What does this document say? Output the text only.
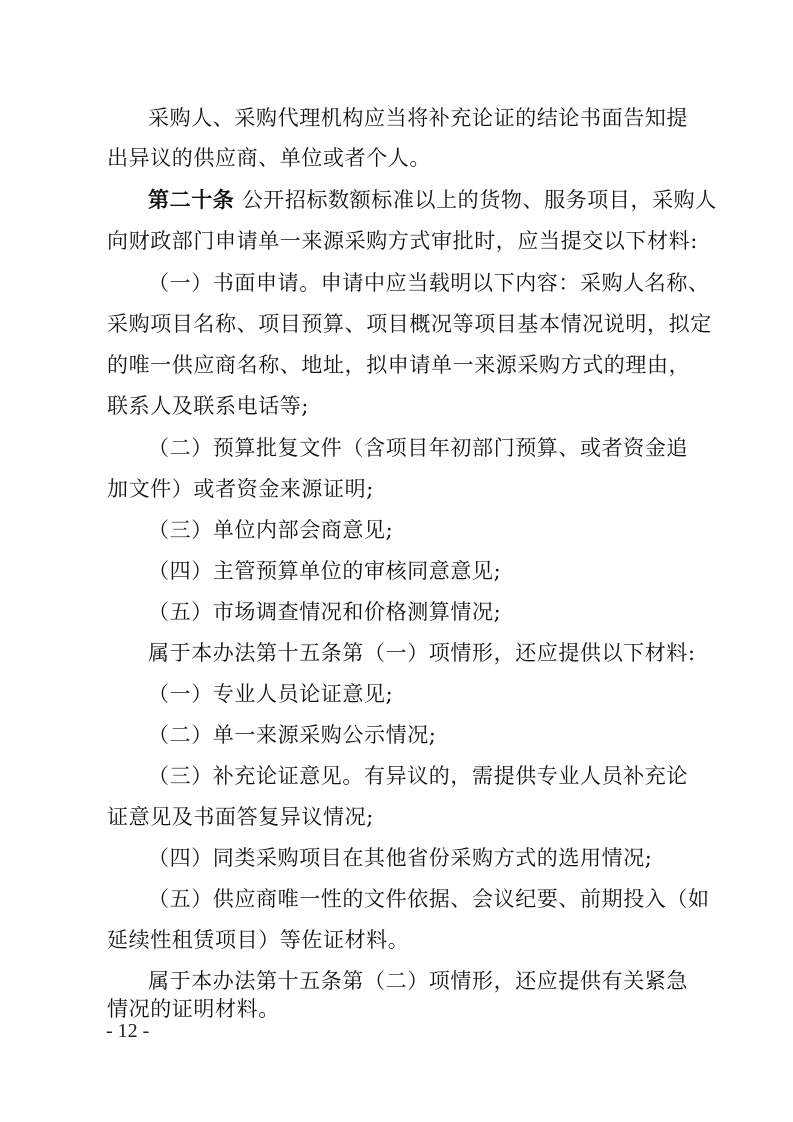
采购人、采购代理机构应当将补充论证的结论书面告知提
出异议的供应商、单位或者个人。
第二十条 公开招标数额标准以上的货物、服务项目，采购人
向财政部门申请单一来源采购方式审批时，应当提交以下材料:
（一）书面申请。申请中应当载明以下内容：采购人名称、
采购项目名称、项目预算、项目概况等项目基本情况说明，拟定
的唯一供应商名称、地址，拟申请单一来源采购方式的理由，
联系人及联系电话等;
（二）预算批复文件（含项目年初部门预算、或者资金追
加文件）或者资金来源证明;
（三）单位内部会商意见;
（四）主管预算单位的审核同意意见;
（五）市场调查情况和价格测算情况;
属于本办法第十五条第（一）项情形，还应提供以下材料:
（一）专业人员论证意见;
（二）单一来源采购公示情况;
（三）补充论证意见。有异议的，需提供专业人员补充论
证意见及书面答复异议情况;
（四）同类采购项目在其他省份采购方式的选用情况;
（五）供应商唯一性的文件依据、会议纪要、前期投入（如
延续性租赁项目）等佐证材料。
属于本办法第十五条第（二）项情形，还应提供有关紧急
情况的证明材料。
- 12 -
